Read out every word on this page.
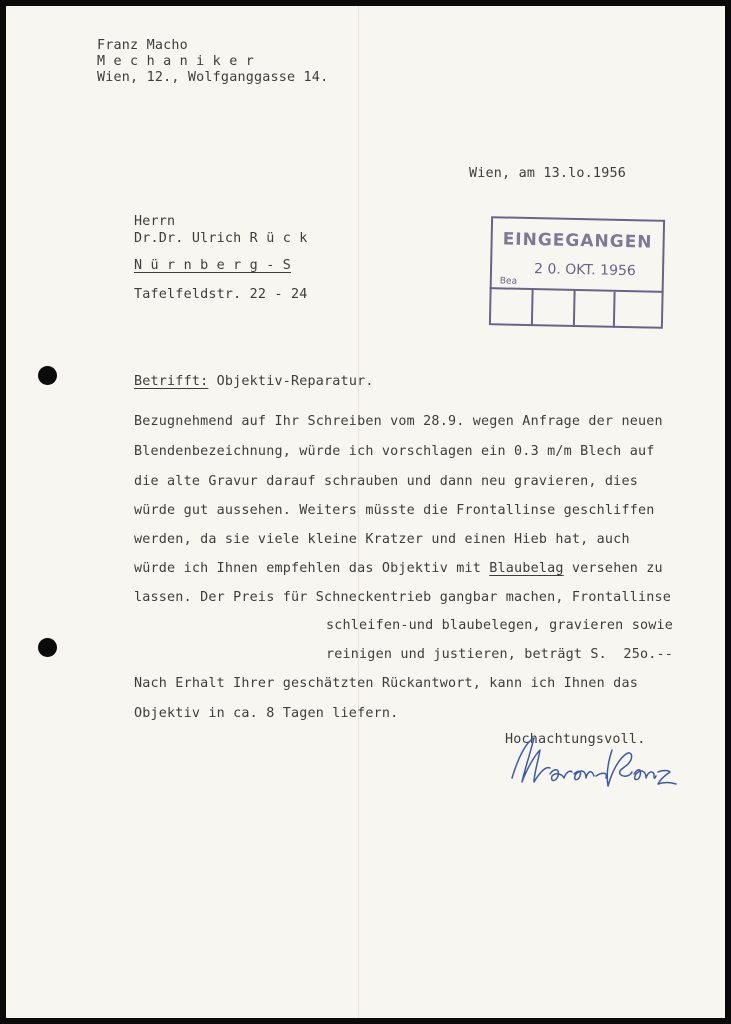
Franz Macho
M e c h a n i k e r
Wien, 12., Wolfganggasse 14.
Wien, am 13.lo.1956
Herrn
Dr.Dr. Ulrich R ü c k
N ü r n b e r g - S
Tafelfeldstr. 22 - 24
EINGEGANGEN
2 0. OKT. 1956
Bea
Betrifft: Objektiv-Reparatur.
Bezugnehmend auf Ihr Schreiben vom 28.9. wegen Anfrage der neuen
Blendenbezeichnung, würde ich vorschlagen ein 0.3 m/m Blech auf
die alte Gravur darauf schrauben und dann neu gravieren, dies
würde gut aussehen. Weiters müsste die Frontallinse geschliffen
werden, da sie viele kleine Kratzer und einen Hieb hat, auch
würde ich Ihnen empfehlen das Objektiv mit Blaubelag versehen zu
lassen. Der Preis für Schneckentrieb gangbar machen, Frontallinse
schleifen-und blaubelegen, gravieren sowie
reinigen und justieren, beträgt S.  25o.--
Nach Erhalt Ihrer geschätzten Rückantwort, kann ich Ihnen das
Objektiv in ca. 8 Tagen liefern.
Hochachtungsvoll.
